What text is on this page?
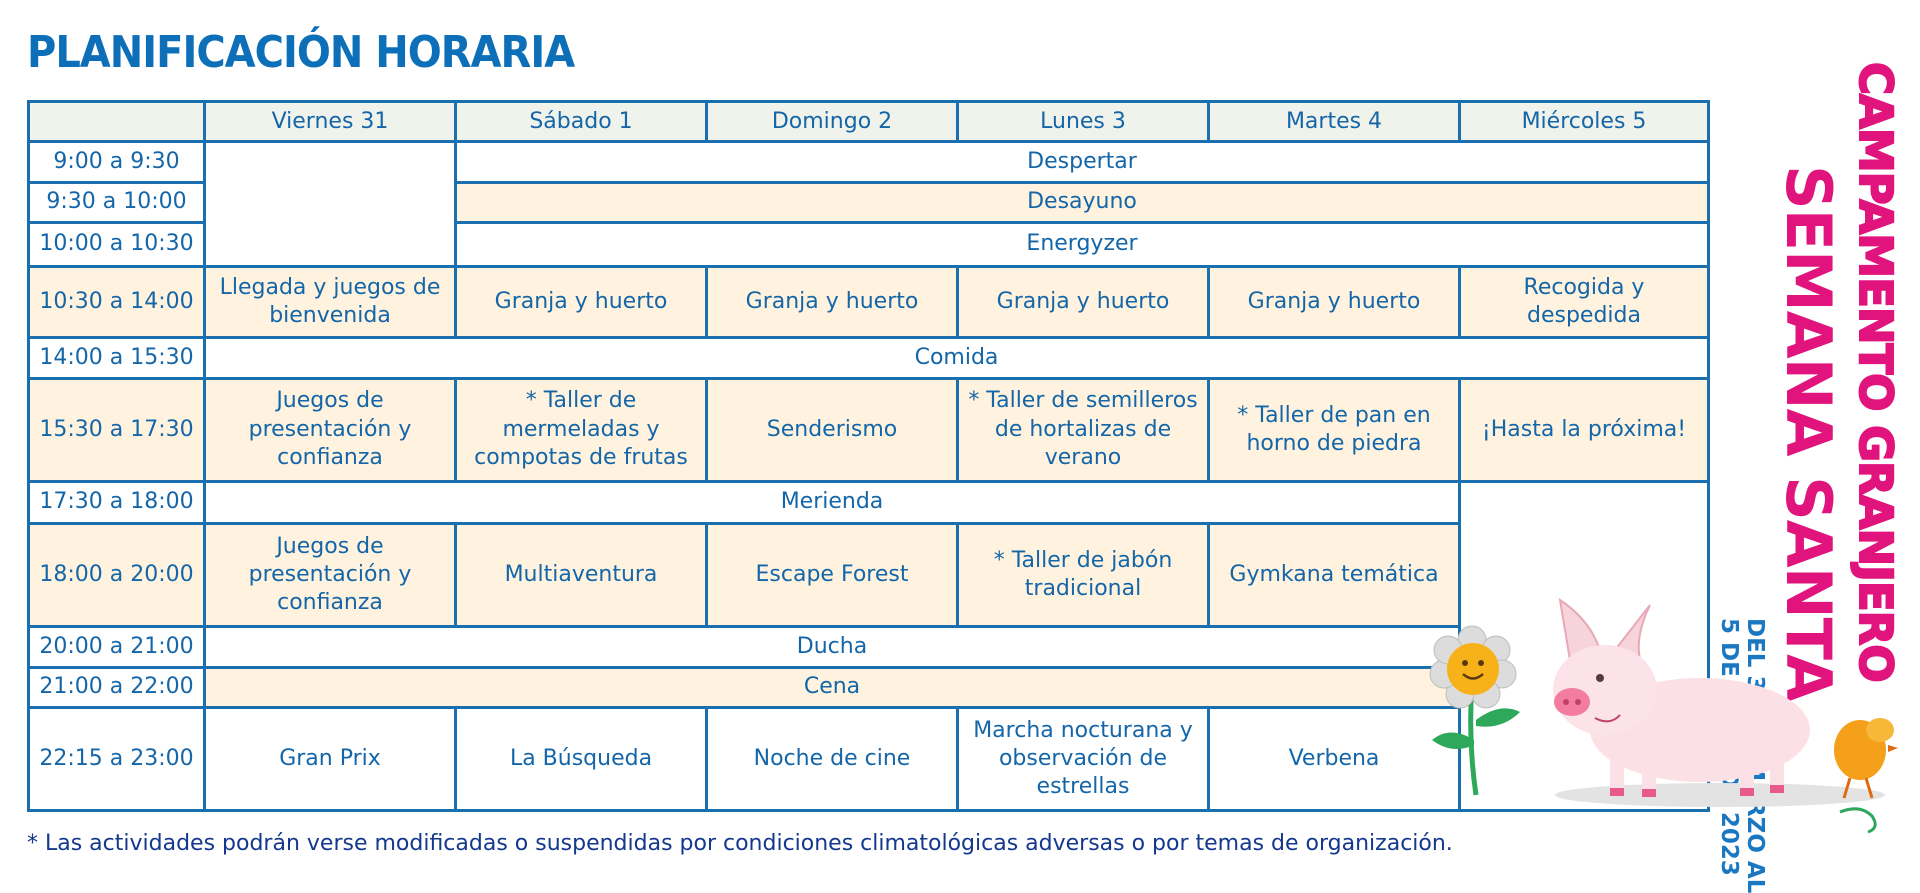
PLANIFICACIÓN HORARIA
	Viernes 31	Sábado 1	Domingo 2	Lunes 3	Martes 4	Miércoles 5
9:00 a 9:30		Despertar				
9:30 a 10:00		Desayuno				
10:00 a 10:30		Energyzer				
10:30 a 14:00	Llegada y juegos de bienvenida	Granja y huerto	Granja y huerto	Granja y huerto	Granja y huerto	Recogida y despedida
14:00 a 15:30	Comida					
15:30 a 17:30	Juegos de presentación y confianza	* Taller de mermeladas y compotas de frutas	Senderismo	* Taller de semilleros de hortalizas de verano	* Taller de pan en horno de piedra	¡Hasta la próxima!
17:30 a 18:00	Merienda					
18:00 a 20:00	Juegos de presentación y confianza	Multiaventura	Escape Forest	* Taller de jabón tradicional	Gymkana temática	
20:00 a 21:00	Ducha					
21:00 a 22:00	Cena					
22:15 a 23:00	Gran Prix	La Búsqueda	Noche de cine	Marcha nocturana y observación de estrellas	Verbena	
* Las actividades podrán verse modificadas o suspendidas por condiciones climatológicas adversas o por temas de organización.
CAMPAMENTO GRANJERO
SEMANA SANTA
